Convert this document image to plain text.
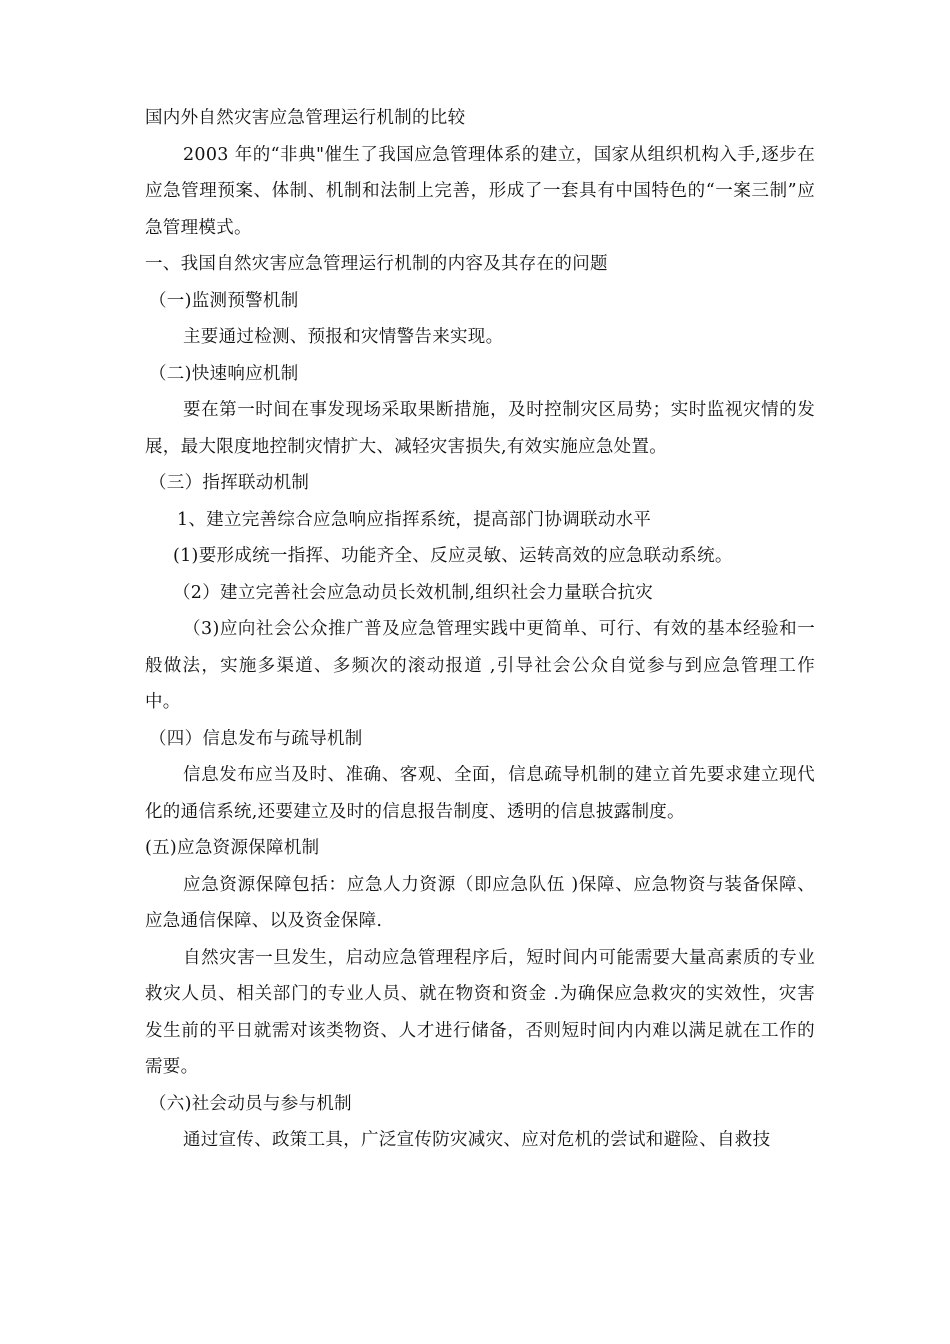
国内外自然灾害应急管理运行机制的比较

2003 年的“非典"催生了我国应急管理体系的建立，国家从组织机构入手,逐步在应急管理预案、体制、机制和法制上完善，形成了一套具有中国特色的“一案三制”应急管理模式。

一、我国自然灾害应急管理运行机制的内容及其存在的问题

（一)监测预警机制

主要通过检测、预报和灾情警告来实现。

（二)快速响应机制

要在第一时间在事发现场采取果断措施，及时控制灾区局势；实时监视灾情的发展，最大限度地控制灾情扩大、减轻灾害损失,有效实施应急处置。

（三）指挥联动机制

1、建立完善综合应急响应指挥系统，提高部门协调联动水平

(1)要形成统一指挥、功能齐全、反应灵敏、运转高效的应急联动系统。

（2）建立完善社会应急动员长效机制,组织社会力量联合抗灾

（3)应向社会公众推广普及应急管理实践中更简单、可行、有效的基本经验和一般做法，实施多渠道、多频次的滚动报道 ,引导社会公众自觉参与到应急管理工作中。

（四）信息发布与疏导机制

信息发布应当及时、准确、客观、全面，信息疏导机制的建立首先要求建立现代化的通信系统,还要建立及时的信息报告制度、透明的信息披露制度。

(五)应急资源保障机制

应急资源保障包括：应急人力资源（即应急队伍 )保障、应急物资与装备保障、应急通信保障、以及资金保障.

自然灾害一旦发生，启动应急管理程序后，短时间内可能需要大量高素质的专业救灾人员、相关部门的专业人员、就在物资和资金 .为确保应急救灾的实效性，灾害发生前的平日就需对该类物资、人才进行储备，否则短时间内内难以满足就在工作的需要。

（六)社会动员与参与机制

通过宣传、政策工具，广泛宣传防灾减灾、应对危机的尝试和避险、自救技
